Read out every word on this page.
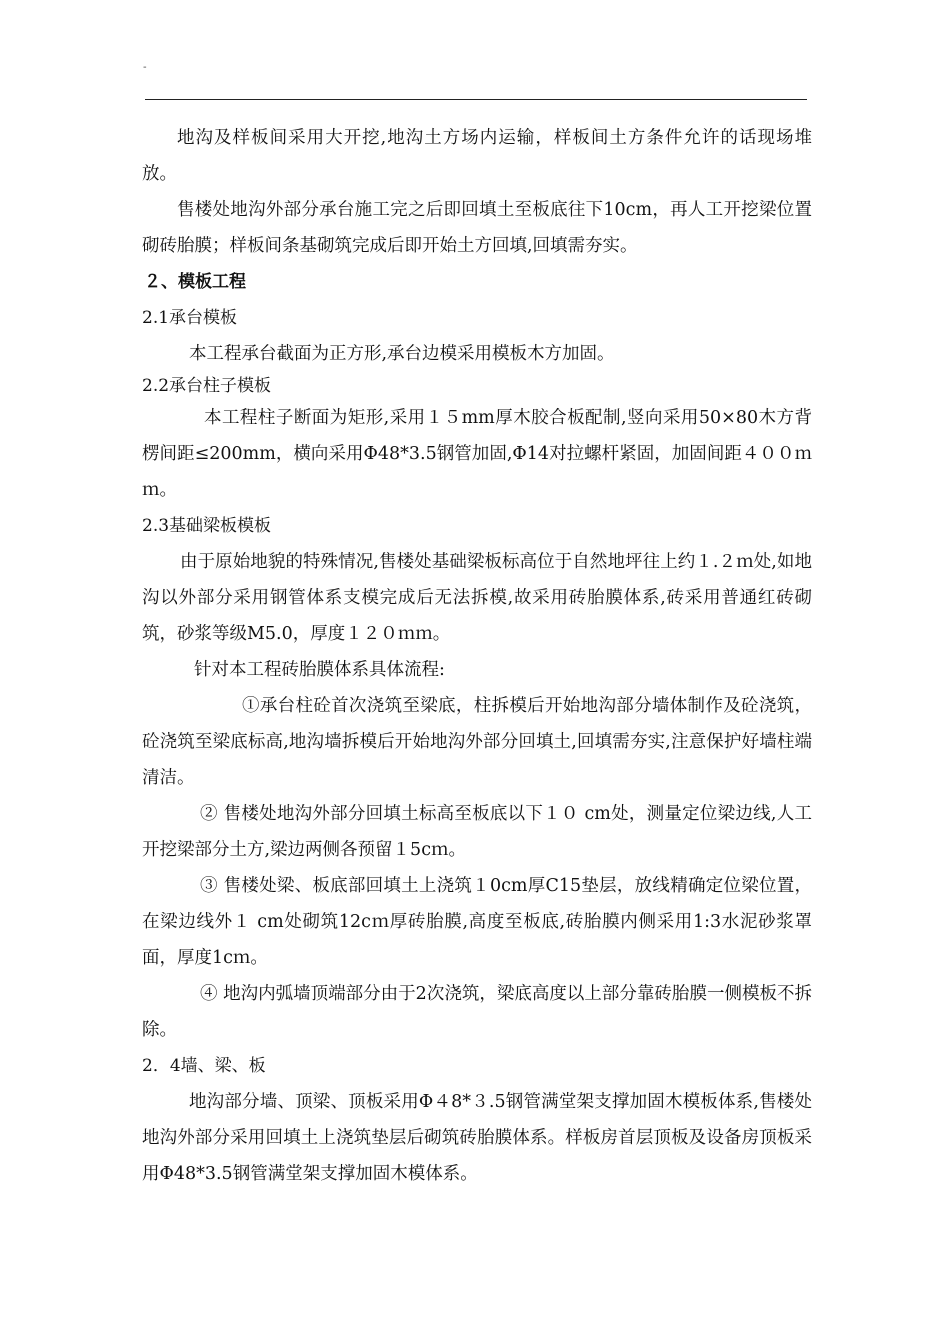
-

地沟及样板间采用大开挖,地沟土方场内运输，样板间土方条件允许的话现场堆放。

售楼处地沟外部分承台施工完之后即回填土至板底往下10cm，再人工开挖梁位置砌砖胎膜；样板间条基砌筑完成后即开始土方回填,回填需夯实。

２、模板工程

2.1承台模板

本工程承台截面为正方形,承台边模采用模板木方加固。

2.2承台柱子模板

本工程柱子断面为矩形,采用１５mm厚木胶合板配制,竖向采用50×80木方背楞间距≤200mm，横向采用Φ48*3.5钢管加固,Φ14对拉螺杆紧固，加固间距４００ｍｍ。

2.3基础梁板模板

由于原始地貌的特殊情况,售楼处基础梁板标高位于自然地坪往上约１.２ｍ处,如地沟以外部分采用钢管体系支模完成后无法拆模,故采用砖胎膜体系,砖采用普通红砖砌筑，砂浆等级M5.0，厚度１２０ｍｍ。

针对本工程砖胎膜体系具体流程:

①承台柱砼首次浇筑至梁底，柱拆模后开始地沟部分墙体制作及砼浇筑，砼浇筑至梁底标高,地沟墙拆模后开始地沟外部分回填土,回填需夯实,注意保护好墙柱端清洁。

② 售楼处地沟外部分回填土标高至板底以下１０ cm处，测量定位梁边线,人工开挖梁部分土方,梁边两侧各预留１5cｍ。

③ 售楼处梁、板底部回填土上浇筑１0cm厚C15垫层，放线精确定位梁位置，在梁边线外１ cm处砌筑12cｍ厚砖胎膜,高度至板底,砖胎膜内侧采用1:3水泥砂浆罩面，厚度1cｍ。

④ 地沟内弧墙顶端部分由于2次浇筑，梁底高度以上部分靠砖胎膜一侧模板不拆除。

2．4墙、梁、板

地沟部分墙、顶梁、顶板采用Φ４8*３.5钢管满堂架支撑加固木模板体系,售楼处地沟外部分采用回填土上浇筑垫层后砌筑砖胎膜体系。样板房首层顶板及设备房顶板采用Φ48*3.5钢管满堂架支撑加固木模体系。
